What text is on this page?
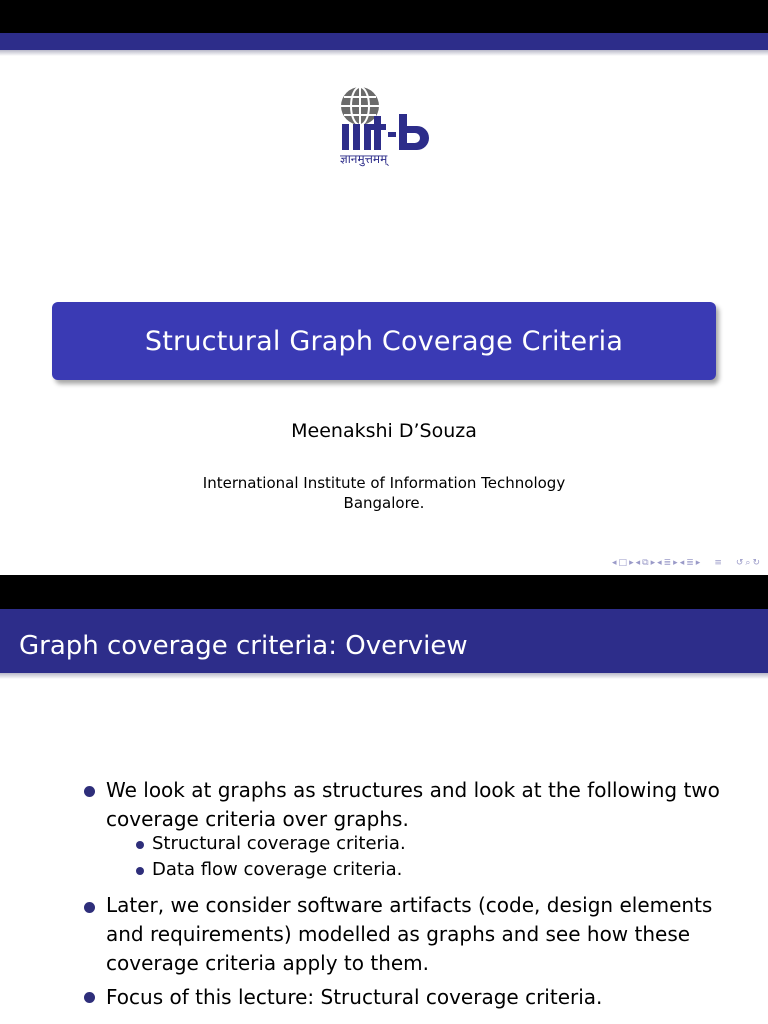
ज्ञानमुत्तमम्
Structural Graph Coverage Criteria
Meenakshi D’Souza
International Institute of Information Technology
Bangalore.
◂ □ ▸ ◂ ⧉ ▸ ◂ ≣ ▸ ◂ ≣ ▸ ≡ ↺ ⌕ ↻
Graph coverage criteria: Overview
We look at graphs as structures and look at the following two coverage criteria over graphs.
Structural coverage criteria.
Data flow coverage criteria.
Later, we consider software artifacts (code, design elements and requirements) modelled as graphs and see how these coverage criteria apply to them.
Focus of this lecture: Structural coverage criteria.
